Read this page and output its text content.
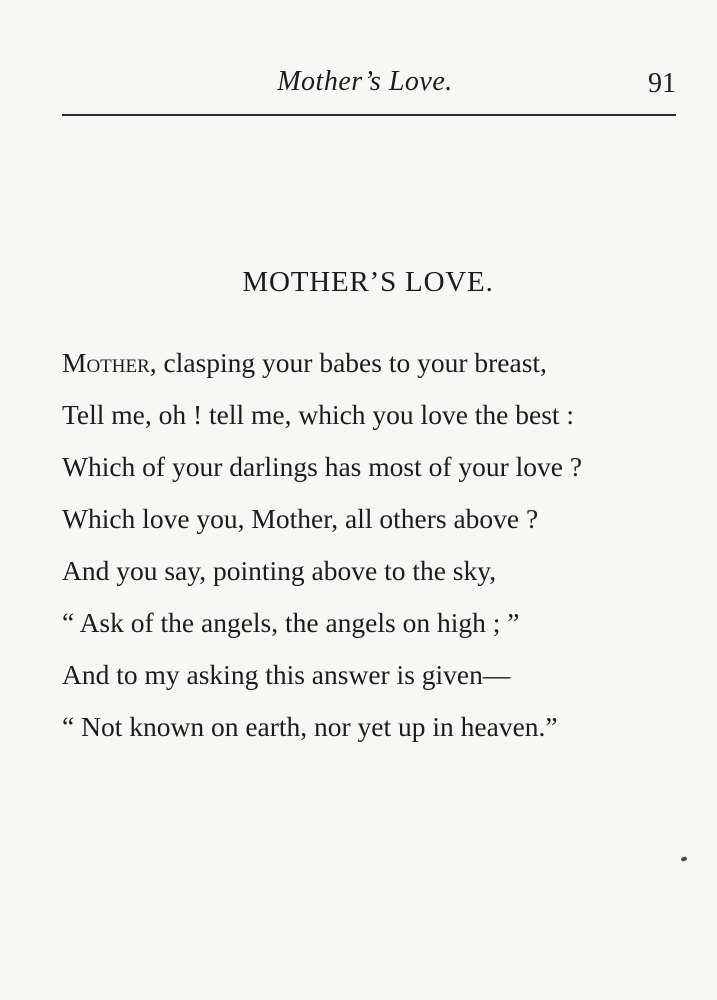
Mother’s Love.	91
MOTHER’S LOVE.
Mother, clasping your babes to your breast,
Tell me, oh ! tell me, which you love the best :
Which of your darlings has most of your love ?
Which love you, Mother, all others above ?
And you say, pointing above to the sky,
“ Ask of the angels, the angels on high ; ”
And to my asking this answer is given—
“ Not known on earth, nor yet up in heaven.”
